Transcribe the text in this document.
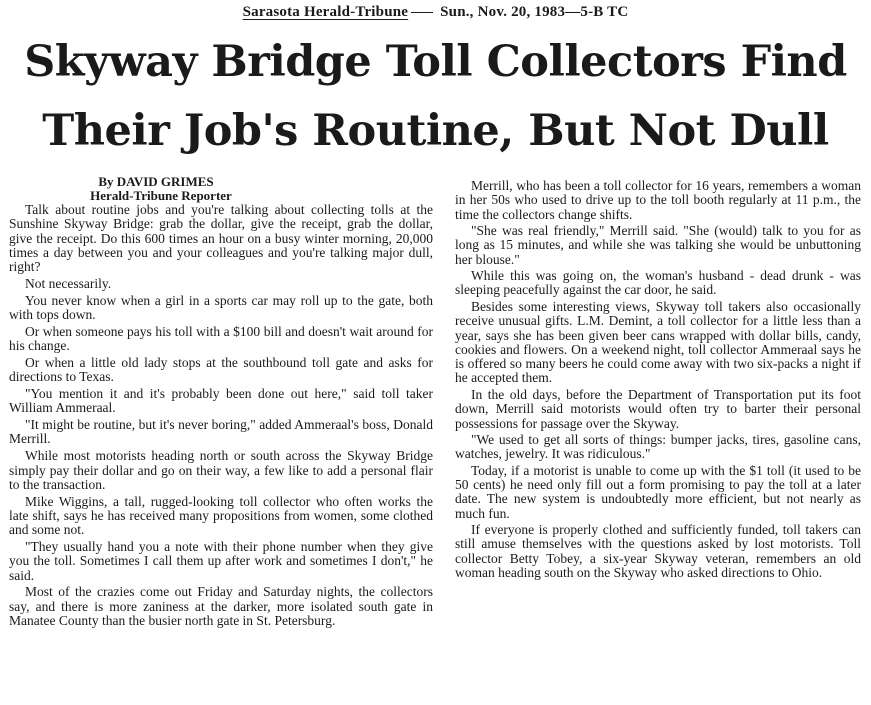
Sarasota Herald-Tribune Sun., Nov. 20, 1983—5-B TC
Skyway Bridge Toll Collectors Find
Their Job's Routine, But Not Dull

By DAVID GRIMES

Herald-Tribune Reporter

Talk about routine jobs and you're talking about collecting tolls at the Sunshine Skyway Bridge: grab the dollar, give the receipt, grab the dollar, give the receipt. Do this 600 times an hour on a busy winter morning, 20,000 times a day between you and your colleagues and you're talking major dull, right?

Not necessarily.

You never know when a girl in a sports car may roll up to the gate, both with tops down.

Or when someone pays his toll with a $100 bill and doesn't wait around for his change.

Or when a little old lady stops at the southbound toll gate and asks for directions to Texas.

"You mention it and it's probably been done out here," said toll taker William Ammeraal.

"It might be routine, but it's never boring," added Ammeraal's boss, Donald Merrill.

While most motorists heading north or south across the Skyway Bridge simply pay their dollar and go on their way, a few like to add a personal flair to the transaction.

Mike Wiggins, a tall, rugged-looking toll collector who often works the late shift, says he has received many propositions from women, some clothed and some not.

"They usually hand you a note with their phone number when they give you the toll. Sometimes I call them up after work and sometimes I don't," he said.

Most of the crazies come out Friday and Saturday nights, the collectors say, and there is more zaniness at the darker, more isolated south gate in Manatee County than the busier north gate in St. Petersburg.

Merrill, who has been a toll collector for 16 years, remembers a woman in her 50s who used to drive up to the toll booth regularly at 11 p.m., the time the collectors change shifts.

"She was real friendly," Merrill said. "She (would) talk to you for as long as 15 minutes, and while she was talking she would be unbuttoning her blouse."

While this was going on, the woman's husband - dead drunk - was sleeping peacefully against the car door, he said.

Besides some interesting views, Skyway toll takers also occasionally receive unusual gifts. L.M. Demint, a toll collector for a little less than a year, says she has been given beer cans wrapped with dollar bills, candy, cookies and flowers. On a weekend night, toll collector Ammeraal says he is offered so many beers he could come away with two six-packs a night if he accepted them.

In the old days, before the Department of Transportation put its foot down, Merrill said motorists would often try to barter their personal possessions for passage over the Skyway.

"We used to get all sorts of things: bumper jacks, tires, gasoline cans, watches, jewelry. It was ridiculous."

Today, if a motorist is unable to come up with the $1 toll (it used to be 50 cents) he need only fill out a form promising to pay the toll at a later date. The new system is undoubtedly more efficient, but not nearly as much fun.

If everyone is properly clothed and sufficiently funded, toll takers can still amuse themselves with the questions asked by lost motorists. Toll collector Betty Tobey, a six-year Skyway veteran, remembers an old woman heading south on the Skyway who asked directions to Ohio.
